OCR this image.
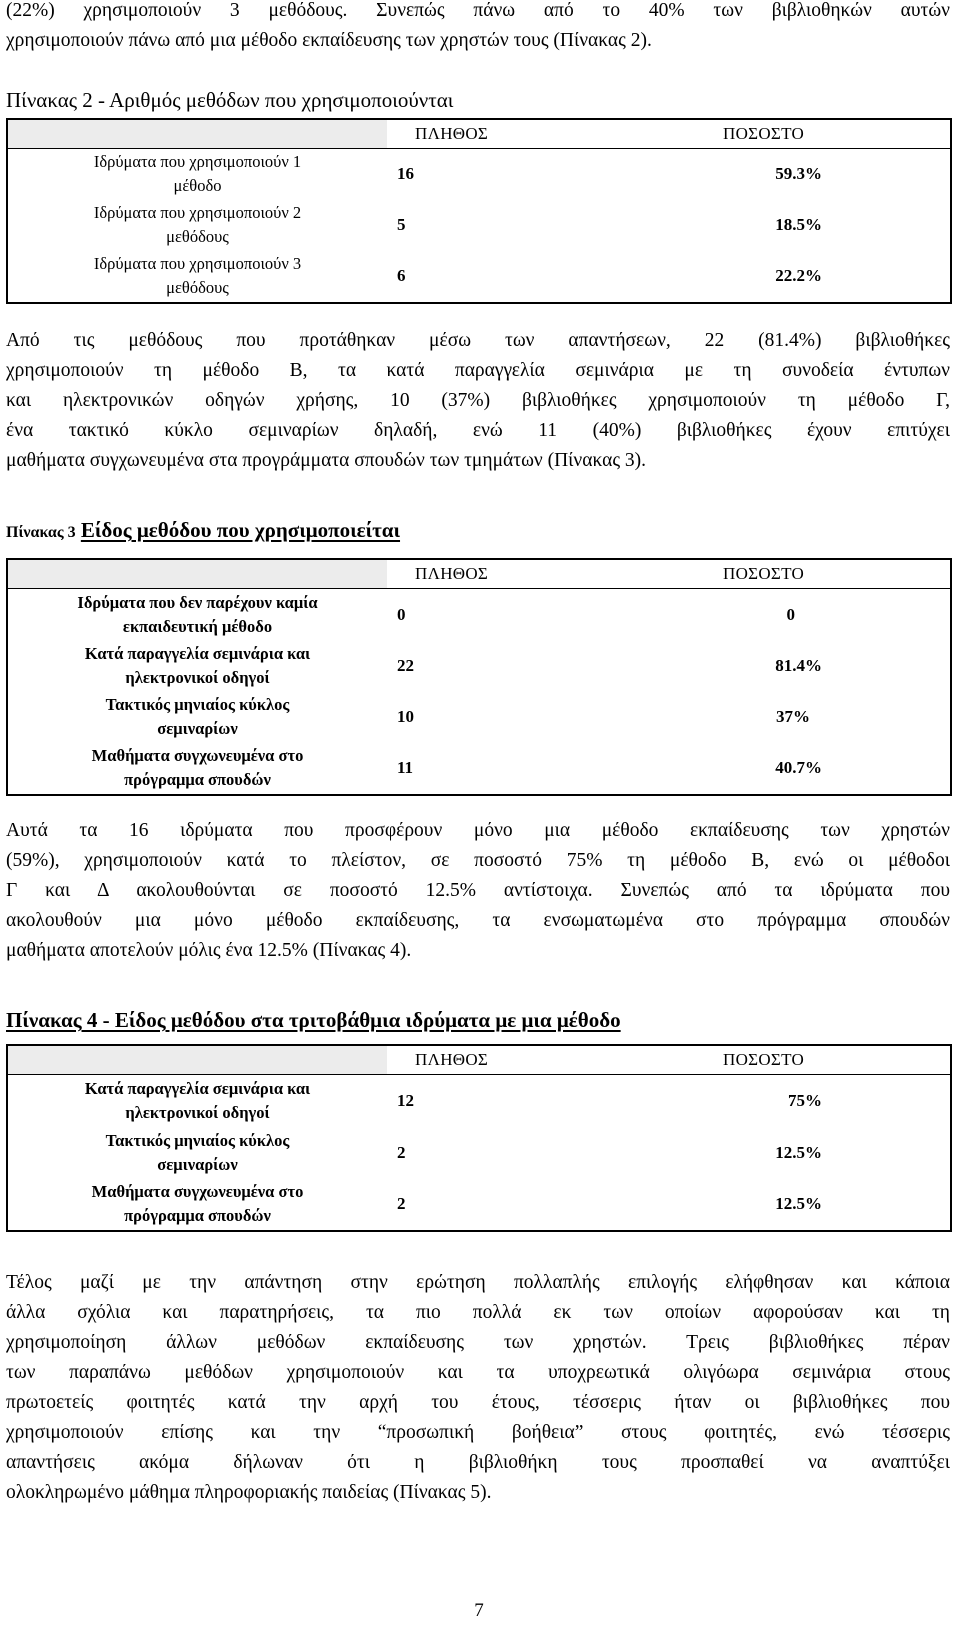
(22%) χρησιμοποιούν 3 μεθόδους. Συνεπώς πάνω από το 40% των βιβλιοθηκών αυτών
χρησιμοποιούν πάνω από μια μέθοδο εκπαίδευσης των χρηστών τους (Πίνακας 2).
Πίνακας 2 - Αριθμός μεθόδων που χρησιμοποιούνται
	ΠΛΗΘΟΣ	ΠΟΣΟΣΤΟ
Ιδρύματα που χρησιμοποιούν 1
μέθοδο	16	59.3%
Ιδρύματα που χρησιμοποιούν 2
μεθόδους	5	18.5%
Ιδρύματα που χρησιμοποιούν 3
μεθόδους	6	22.2%
Από τις μεθόδους που προτάθηκαν μέσω των απαντήσεων, 22 (81.4%) βιβλιοθήκες
χρησιμοποιούν τη μέθοδο Β, τα κατά παραγγελία σεμινάρια με τη συνοδεία έντυπων
και ηλεκτρονικών οδηγών χρήσης, 10 (37%) βιβλιοθήκες χρησιμοποιούν τη μέθοδο Γ,
ένα τακτικό κύκλο σεμιναρίων δηλαδή, ενώ 11 (40%) βιβλιοθήκες έχουν επιτύχει
μαθήματα συγχωνευμένα στα προγράμματα σπουδών των τμημάτων (Πίνακας 3).
Πίνακας 3 Είδος μεθόδου που χρησιμοποιείται
	ΠΛΗΘΟΣ	ΠΟΣΟΣΤΟ
Ιδρύματα που δεν παρέχουν καμία
εκπαιδευτική μέθοδο	0	0
Κατά παραγγελία σεμινάρια και
ηλεκτρονικοί οδηγοί	22	81.4%
Τακτικός μηνιαίος κύκλος
σεμιναρίων	10	37%
Μαθήματα συγχωνευμένα στο
πρόγραμμα σπουδών	11	40.7%
Αυτά τα 16 ιδρύματα που προσφέρουν μόνο μια μέθοδο εκπαίδευσης των χρηστών
(59%), χρησιμοποιούν κατά το πλείστον, σε ποσοστό 75% τη μέθοδο Β, ενώ οι μέθοδοι
Γ και Δ ακολουθούνται σε ποσοστό 12.5% αντίστοιχα. Συνεπώς από τα ιδρύματα που
ακολουθούν μια μόνο μέθοδο εκπαίδευσης, τα ενσωματωμένα στο πρόγραμμα σπουδών
μαθήματα αποτελούν μόλις ένα 12.5% (Πίνακας 4).
Πίνακας 4 - Είδος μεθόδου στα τριτοβάθμια ιδρύματα με μια μέθοδο
	ΠΛΗΘΟΣ	ΠΟΣΟΣΤΟ
Κατά παραγγελία σεμινάρια και
ηλεκτρονικοί οδηγοί	12	75%
Τακτικός μηνιαίος κύκλος
σεμιναρίων	2	12.5%
Μαθήματα συγχωνευμένα στο
πρόγραμμα σπουδών	2	12.5%
Τέλος μαζί με την απάντηση στην ερώτηση πολλαπλής επιλογής ελήφθησαν και κάποια
άλλα σχόλια και παρατηρήσεις, τα πιο πολλά εκ των οποίων αφορούσαν και τη
χρησιμοποίηση άλλων μεθόδων εκπαίδευσης των χρηστών. Τρεις βιβλιοθήκες πέραν
των παραπάνω μεθόδων χρησιμοποιούν και τα υποχρεωτικά ολιγόωρα σεμινάρια στους
πρωτοετείς φοιτητές κατά την αρχή του έτους, τέσσερις ήταν οι βιβλιοθήκες που
χρησιμοποιούν επίσης και την “προσωπική βοήθεια” στους φοιτητές, ενώ τέσσερις
απαντήσεις ακόμα δήλωναν ότι η βιβλιοθήκη τους προσπαθεί να αναπτύξει
ολοκληρωμένο μάθημα πληροφοριακής παιδείας (Πίνακας 5).
7
